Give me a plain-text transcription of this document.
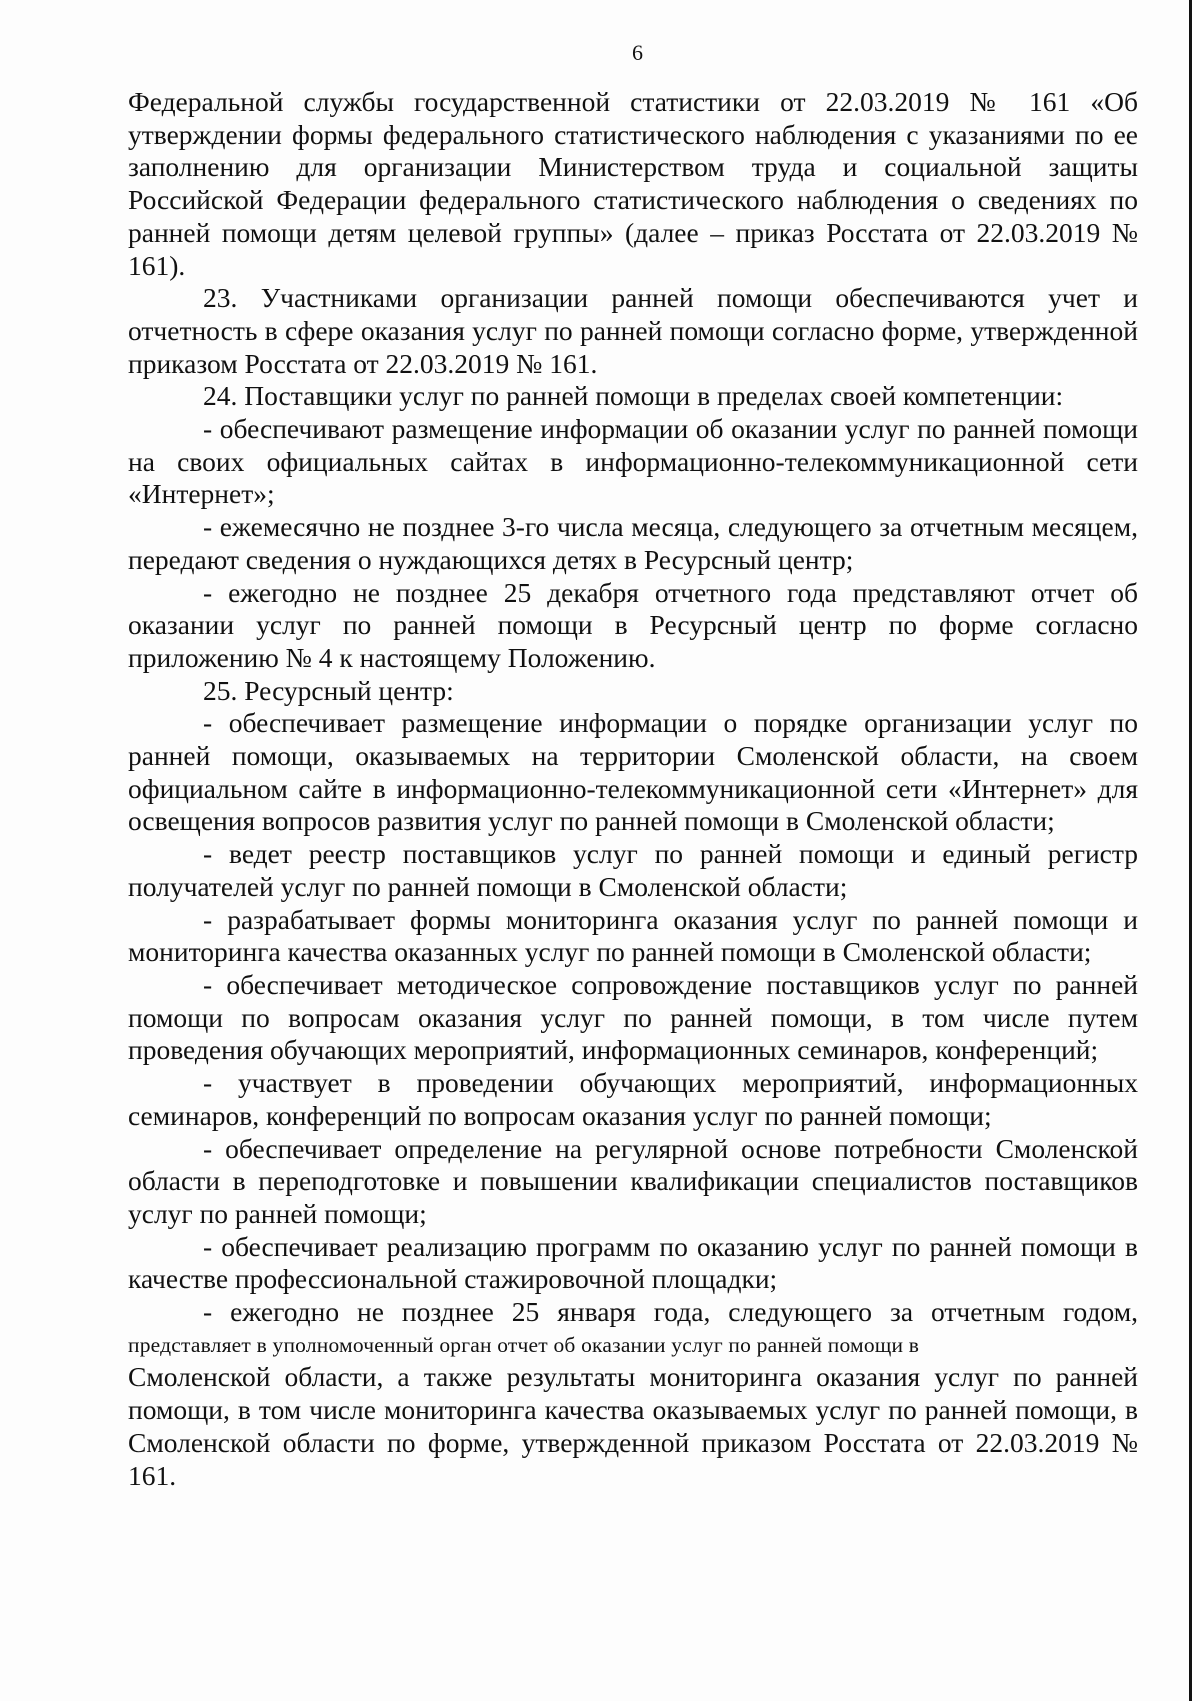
6

Федеральной службы государственной статистики от 22.03.2019 № 161 «Об утверждении формы федерального статистического наблюдения с указаниями по ее заполнению для организации Министерством труда и социальной защиты Российской Федерации федерального статистического наблюдения о сведениях по ранней помощи детям целевой группы» (далее – приказ Росстата от 22.03.2019 № 161).

23. Участниками организации ранней помощи обеспечиваются учет и отчетность в сфере оказания услуг по ранней помощи согласно форме, утвержденной приказом Росстата от 22.03.2019 № 161.

24. Поставщики услуг по ранней помощи в пределах своей компетенции:

- обеспечивают размещение информации об оказании услуг по ранней помощи на своих официальных сайтах в информационно-телекоммуникационной сети «Интернет»;

- ежемесячно не позднее 3-го числа месяца, следующего за отчетным месяцем, передают сведения о нуждающихся детях в Ресурсный центр;

- ежегодно не позднее 25 декабря отчетного года представляют отчет об оказании услуг по ранней помощи в Ресурсный центр по форме согласно приложению № 4 к настоящему Положению.

25. Ресурсный центр:

- обеспечивает размещение информации о порядке организации услуг по ранней помощи, оказываемых на территории Смоленской области, на своем официальном сайте в информационно-телекоммуникационной сети «Интернет» для освещения вопросов развития услуг по ранней помощи в Смоленской области;

- ведет реестр поставщиков услуг по ранней помощи и единый регистр получателей услуг по ранней помощи в Смоленской области;

- разрабатывает формы мониторинга оказания услуг по ранней помощи и мониторинга качества оказанных услуг по ранней помощи в Смоленской области;

- обеспечивает методическое сопровождение поставщиков услуг по ранней помощи по вопросам оказания услуг по ранней помощи, в том числе путем проведения обучающих мероприятий, информационных семинаров, конференций;

- участвует в проведении обучающих мероприятий, информационных семинаров, конференций по вопросам оказания услуг по ранней помощи;

- обеспечивает определение на регулярной основе потребности Смоленской области в переподготовке и повышении квалификации специалистов поставщиков услуг по ранней помощи;

- обеспечивает реализацию программ по оказанию услуг по ранней помощи в качестве профессиональной стажировочной площадки;

- ежегодно не позднее 25 января года, следующего за отчетным годом,

представляет в уполномоченный орган отчет об оказании услуг по ранней помощи в

Смоленской области, а также результаты мониторинга оказания услуг по ранней помощи, в том числе мониторинга качества оказываемых услуг по ранней помощи, в Смоленской области по форме, утвержденной приказом Росстата от 22.03.2019 № 161.
